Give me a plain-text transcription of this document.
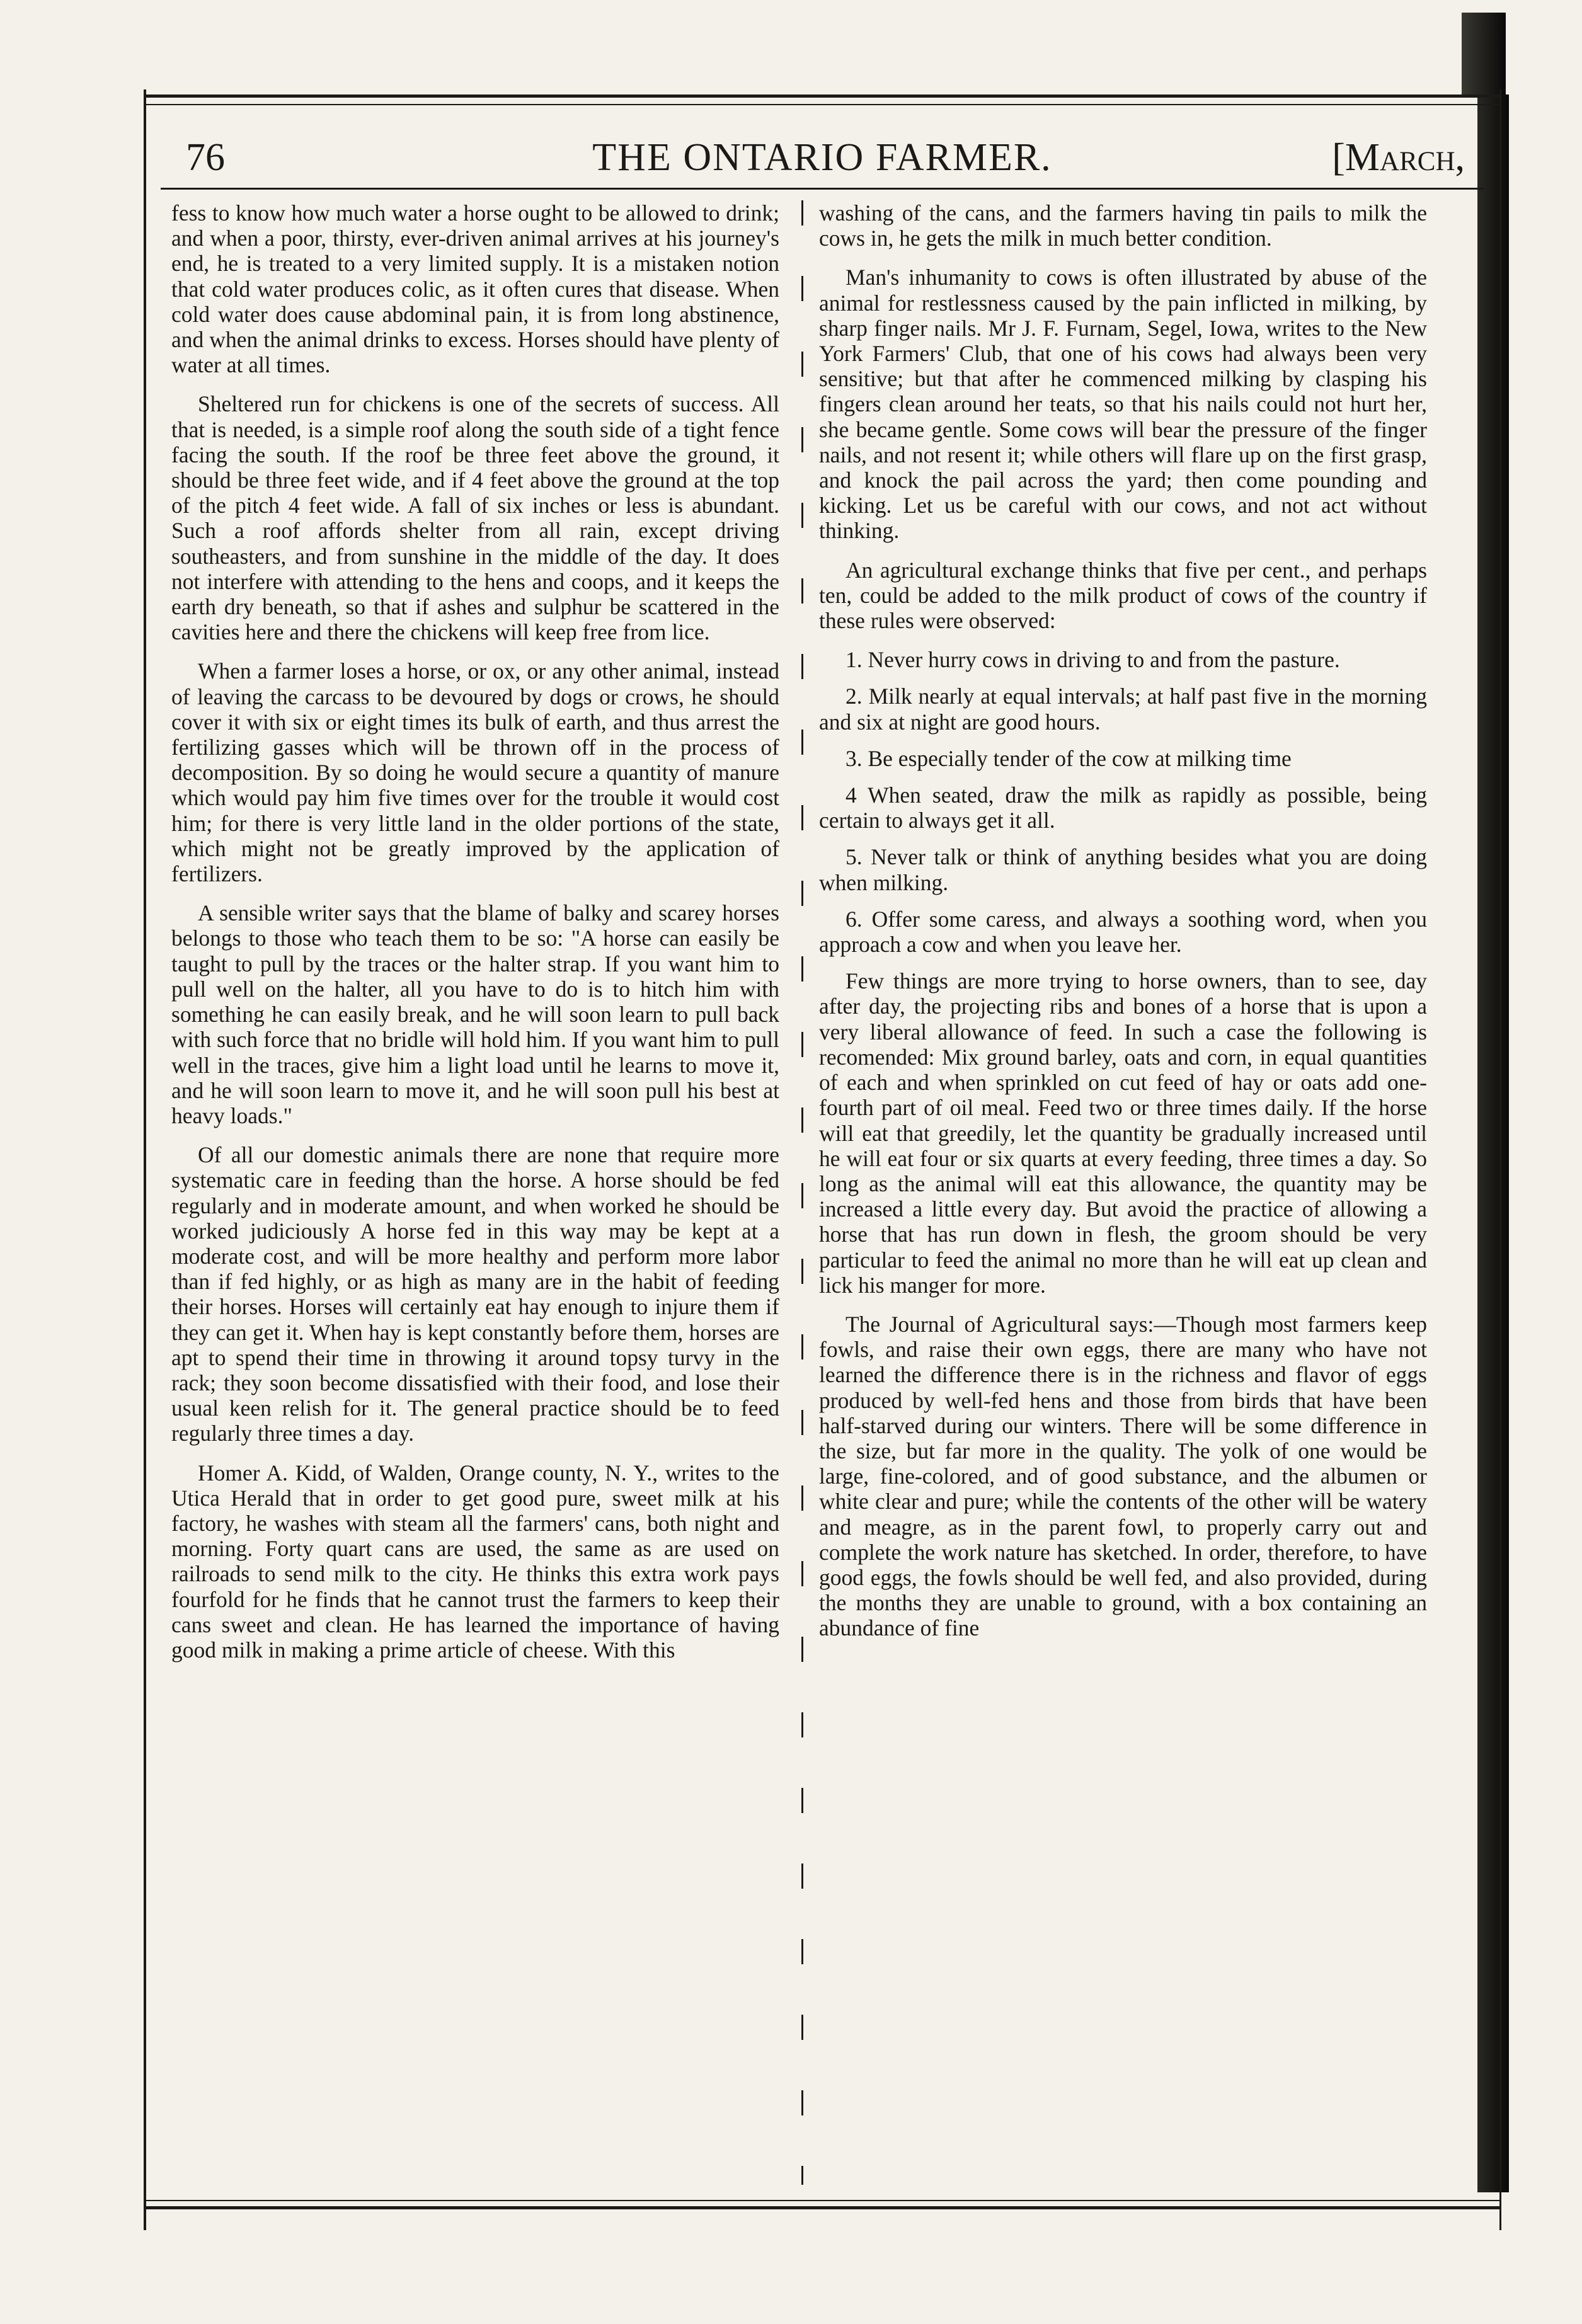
76	THE ONTARIO FARMER.	[March,

fess to know how much water a horse ought to be allowed to drink; and when a poor, thirsty, ever-driven animal arrives at his journey's end, he is treated to a very limited supply. It is a mistaken notion that cold water produces colic, as it often cures that disease. When cold water does cause abdominal pain, it is from long abstinence, and when the animal drinks to excess. Horses should have plenty of water at all times.

Sheltered run for chickens is one of the secrets of success. All that is needed, is a simple roof along the south side of a tight fence facing the south. If the roof be three feet above the ground, it should be three feet wide, and if 4 feet above the ground at the top of the pitch 4 feet wide. A fall of six inches or less is abundant. Such a roof affords shelter from all rain, except driving southeasters, and from sunshine in the middle of the day. It does not interfere with attending to the hens and coops, and it keeps the earth dry beneath, so that if ashes and sulphur be scattered in the cavities here and there the chickens will keep free from lice.

When a farmer loses a horse, or ox, or any other animal, instead of leaving the carcass to be devoured by dogs or crows, he should cover it with six or eight times its bulk of earth, and thus arrest the fertilizing gasses which will be thrown off in the process of decomposition. By so doing he would secure a quantity of manure which would pay him five times over for the trouble it would cost him; for there is very little land in the older portions of the state, which might not be greatly improved by the application of fertilizers.

A sensible writer says that the blame of balky and scarey horses belongs to those who teach them to be so: "A horse can easily be taught to pull by the traces or the halter strap. If you want him to pull well on the halter, all you have to do is to hitch him with something he can easily break, and he will soon learn to pull back with such force that no bridle will hold him. If you want him to pull well in the traces, give him a light load until he learns to move it, and he will soon learn to move it, and he will soon pull his best at heavy loads."

Of all our domestic animals there are none that require more systematic care in feeding than the horse. A horse should be fed regularly and in moderate amount, and when worked he should be worked judiciously A horse fed in this way may be kept at a moderate cost, and will be more healthy and perform more labor than if fed highly, or as high as many are in the habit of feeding their horses. Horses will certainly eat hay enough to injure them if they can get it. When hay is kept constantly before them, horses are apt to spend their time in throwing it around topsy turvy in the rack; they soon become dissatisfied with their food, and lose their usual keen relish for it. The general practice should be to feed regularly three times a day.

Homer A. Kidd, of Walden, Orange county, N. Y., writes to the Utica Herald that in order to get good pure, sweet milk at his factory, he washes with steam all the farmers' cans, both night and morning. Forty quart cans are used, the same as are used on railroads to send milk to the city. He thinks this extra work pays fourfold for he finds that he cannot trust the farmers to keep their cans sweet and clean. He has learned the importance of having good milk in making a prime article of cheese. With this

washing of the cans, and the farmers having tin pails to milk the cows in, he gets the milk in much better condition.

Man's inhumanity to cows is often illustrated by abuse of the animal for restlessness caused by the pain inflicted in milking, by sharp finger nails. Mr J. F. Furnam, Segel, Iowa, writes to the New York Farmers' Club, that one of his cows had always been very sensitive; but that after he commenced milking by clasping his fingers clean around her teats, so that his nails could not hurt her, she became gentle. Some cows will bear the pressure of the finger nails, and not resent it; while others will flare up on the first grasp, and knock the pail across the yard; then come pounding and kicking. Let us be careful with our cows, and not act without thinking.

An agricultural exchange thinks that five per cent., and perhaps ten, could be added to the milk product of cows of the country if these rules were observed:

1. Never hurry cows in driving to and from the pasture.

2. Milk nearly at equal intervals; at half past five in the morning and six at night are good hours.

3. Be especially tender of the cow at milking time

4 When seated, draw the milk as rapidly as possible, being certain to always get it all.

5. Never talk or think of anything besides what you are doing when milking.

6. Offer some caress, and always a soothing word, when you approach a cow and when you leave her.

Few things are more trying to horse owners, than to see, day after day, the projecting ribs and bones of a horse that is upon a very liberal allowance of feed. In such a case the following is recomended: Mix ground barley, oats and corn, in equal quantities of each and when sprinkled on cut feed of hay or oats add one-fourth part of oil meal. Feed two or three times daily. If the horse will eat that greedily, let the quantity be gradually increased until he will eat four or six quarts at every feeding, three times a day. So long as the animal will eat this allowance, the quantity may be increased a little every day. But avoid the practice of allowing a horse that has run down in flesh, the groom should be very particular to feed the animal no more than he will eat up clean and lick his manger for more.

The Journal of Agricultural says:—Though most farmers keep fowls, and raise their own eggs, there are many who have not learned the difference there is in the richness and flavor of eggs produced by well-fed hens and those from birds that have been half-starved during our winters. There will be some difference in the size, but far more in the quality. The yolk of one would be large, fine-colored, and of good substance, and the albumen or white clear and pure; while the contents of the other will be watery and meagre, as in the parent fowl, to properly carry out and complete the work nature has sketched. In order, therefore, to have good eggs, the fowls should be well fed, and also provided, during the months they are unable to ground, with a box containing an abundance of fine
